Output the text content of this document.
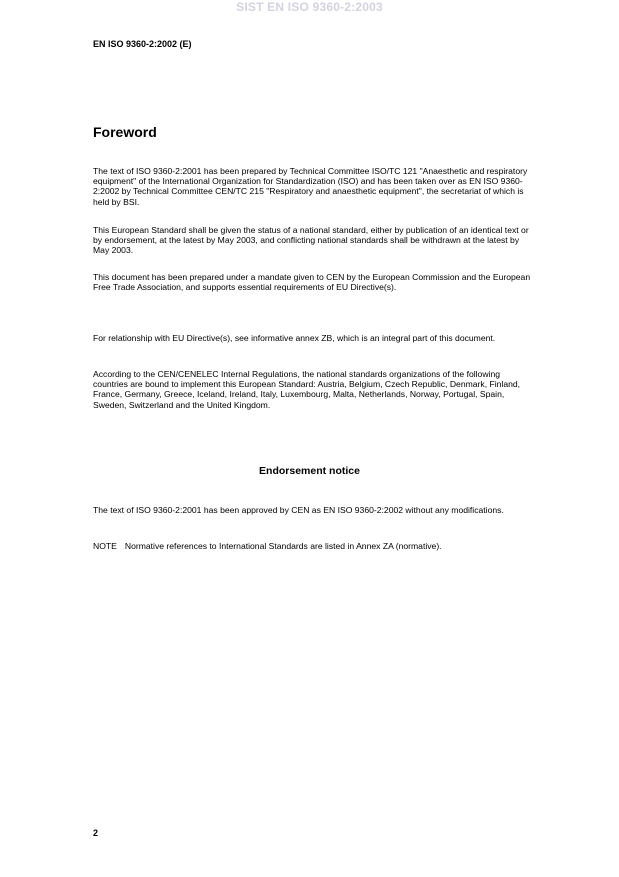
SIST EN ISO 9360-2:2003
EN ISO 9360-2:2002 (E)
Foreword

The text of ISO 9360-2:2001 has been prepared by Technical Committee ISO/TC 121 "Anaesthetic and respiratory equipment" of the International Organization for Standardization (ISO) and has been taken over as EN ISO 9360-2:2002 by Technical Committee CEN/TC 215 "Respiratory and anaesthetic equipment", the secretariat of which is held by BSI.

This European Standard shall be given the status of a national standard, either by publication of an identical text or by endorsement, at the latest by May 2003, and conflicting national standards shall be withdrawn at the latest by May 2003.

This document has been prepared under a mandate given to CEN by the European Commission and the European Free Trade Association, and supports essential requirements of EU Directive(s).

For relationship with EU Directive(s), see informative annex ZB, which is an integral part of this document.

According to the CEN/CENELEC Internal Regulations, the national standards organizations of the following countries are bound to implement this European Standard: Austria, Belgium, Czech Republic, Denmark, Finland, France, Germany, Greece, Iceland, Ireland, Italy, Luxembourg, Malta, Netherlands, Norway, Portugal, Spain, Sweden, Switzerland and the United Kingdom.

Endorsement notice

The text of ISO 9360-2:2001 has been approved by CEN as EN ISO 9360-2:2002 without any modifications.

NOTE Normative references to International Standards are listed in Annex ZA (normative).

2
